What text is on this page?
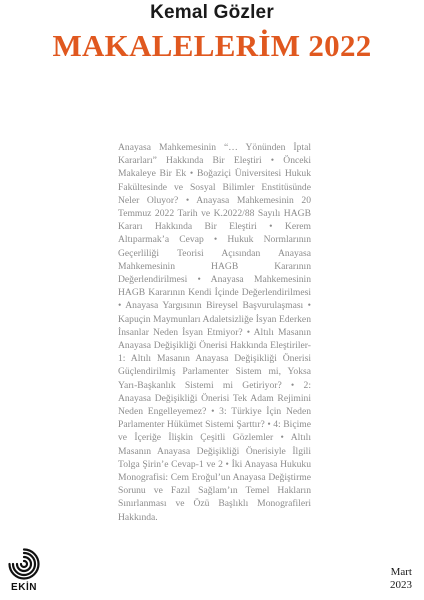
Kemal Gözler
MAKALELERİM 2022
Anayasa Mahkemesinin “… Yönünden İptal Kararları” Hakkında Bir Eleştiri • Önceki Makaleye Bir Ek • Boğaziçi Üniversitesi Hukuk Fakültesinde ve Sosyal Bilimler Enstitüsünde Neler Oluyor? • Anayasa Mahkemesinin 20 Temmuz 2022 Tarih ve K.2022/88 Sayılı HAGB Kararı Hakkında Bir Eleştiri • Kerem Altıparmak’a Cevap • Hukuk Normlarının Geçerliliği Teorisi Açısından Anayasa Mahkemesinin HAGB Kararının Değerlendirilmesi • Anayasa Mahkemesinin HAGB Kararının Kendi İçinde Değerlendirilmesi • Anayasa Yargısının Bireysel Başvurulaşması • Kapuçin Maymunları Adaletsizliğe İsyan Ederken İnsanlar Neden İsyan Etmiyor? • Altılı Masanın Anayasa Değişikliği Önerisi Hakkında Eleştiriler-1: Altılı Masanın Anayasa Değişikliği Önerisi Güçlendirilmiş Parlamenter Sistem mi, Yoksa Yarı-Başkanlık Sistemi mi Getiriyor? • 2: Anayasa Değişikliği Önerisi Tek Adam Rejimini Neden Engelleyemez? • 3: Türkiye İçin Neden Parlamenter Hükümet Sistemi Şarttır? • 4: Biçime ve İçeriğe İlişkin Çeşitli Gözlemler • Altılı Masanın Anayasa Değişikliği Önerisiyle İlgili Tolga Şirin’e Cevap-1 ve 2 • İki Anayasa Hukuku Monografisi: Cem Eroğul’un Anayasa Değiştirme Sorunu ve Fazıl Sağlam’ın Temel Hakların Sınırlanması ve Özü Başlıklı Monografileri Hakkında.
EKİN
Mart
2023
